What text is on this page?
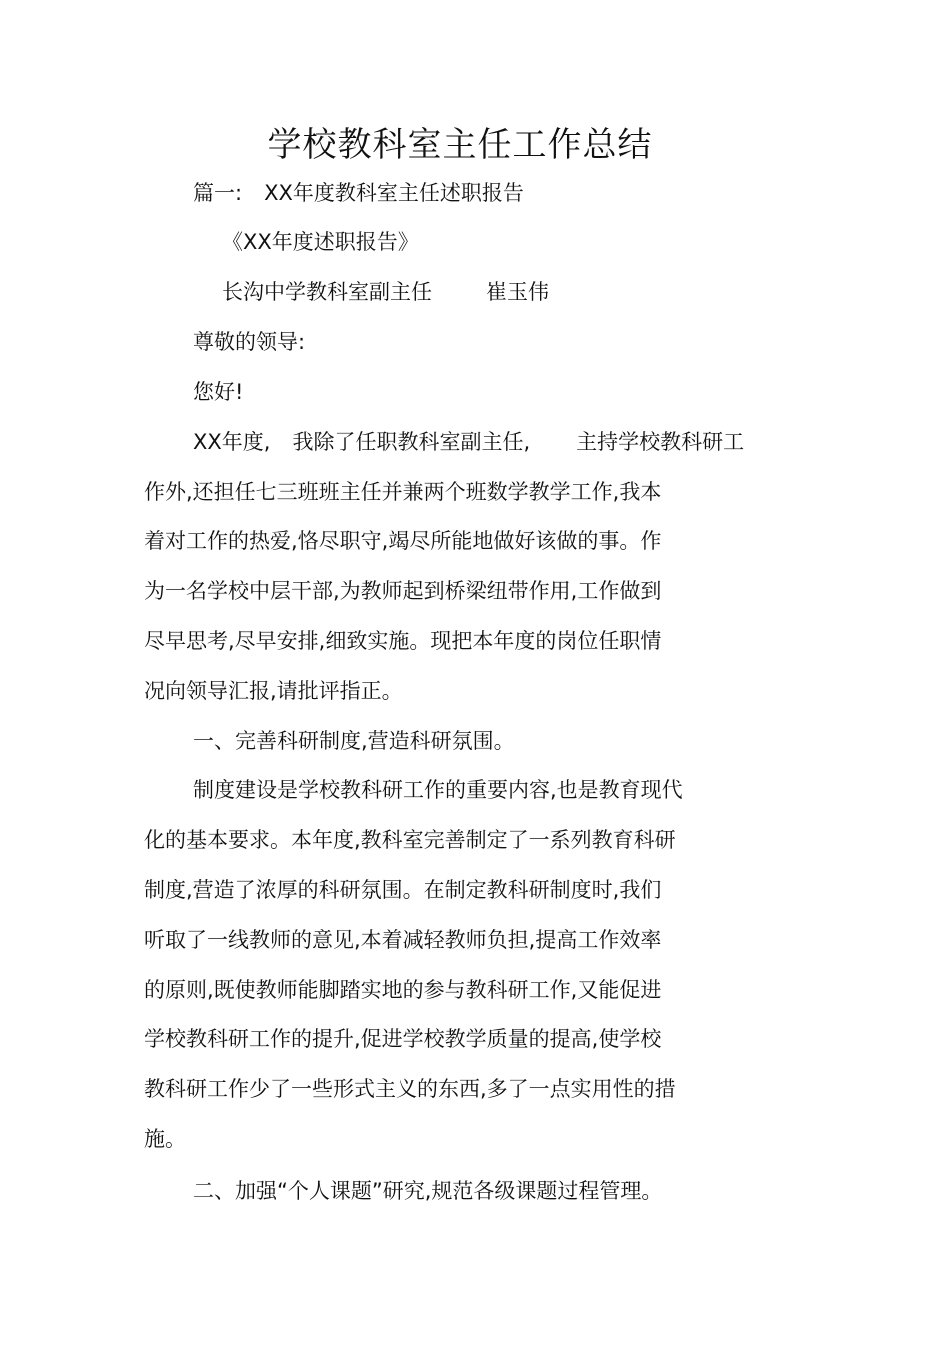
学校教科室主任工作总结
篇一: XX年度教科室主任述职报告
《XX年度述职报告》
长沟中学教科室副主任	崔玉伟
尊敬的领导:
您好!
XX年度, 我除了任职教科室副主任, 主持学校教科研工
作外,还担任七三班班主任并兼两个班数学教学工作,我本
着对工作的热爱,恪尽职守,竭尽所能地做好该做的事。作
为一名学校中层干部,为教师起到桥梁纽带作用,工作做到
尽早思考,尽早安排,细致实施。现把本年度的岗位任职情
况向领导汇报,请批评指正。
一、完善科研制度,营造科研氛围。
制度建设是学校教科研工作的重要内容,也是教育现代
化的基本要求。本年度,教科室完善制定了一系列教育科研
制度,营造了浓厚的科研氛围。在制定教科研制度时,我们
听取了一线教师的意见,本着减轻教师负担,提高工作效率
的原则,既使教师能脚踏实地的参与教科研工作,又能促进
学校教科研工作的提升,促进学校教学质量的提高,使学校
教科研工作少了一些形式主义的东西,多了一点实用性的措
施。
二、加强“个人课题”研究,规范各级课题过程管理。
